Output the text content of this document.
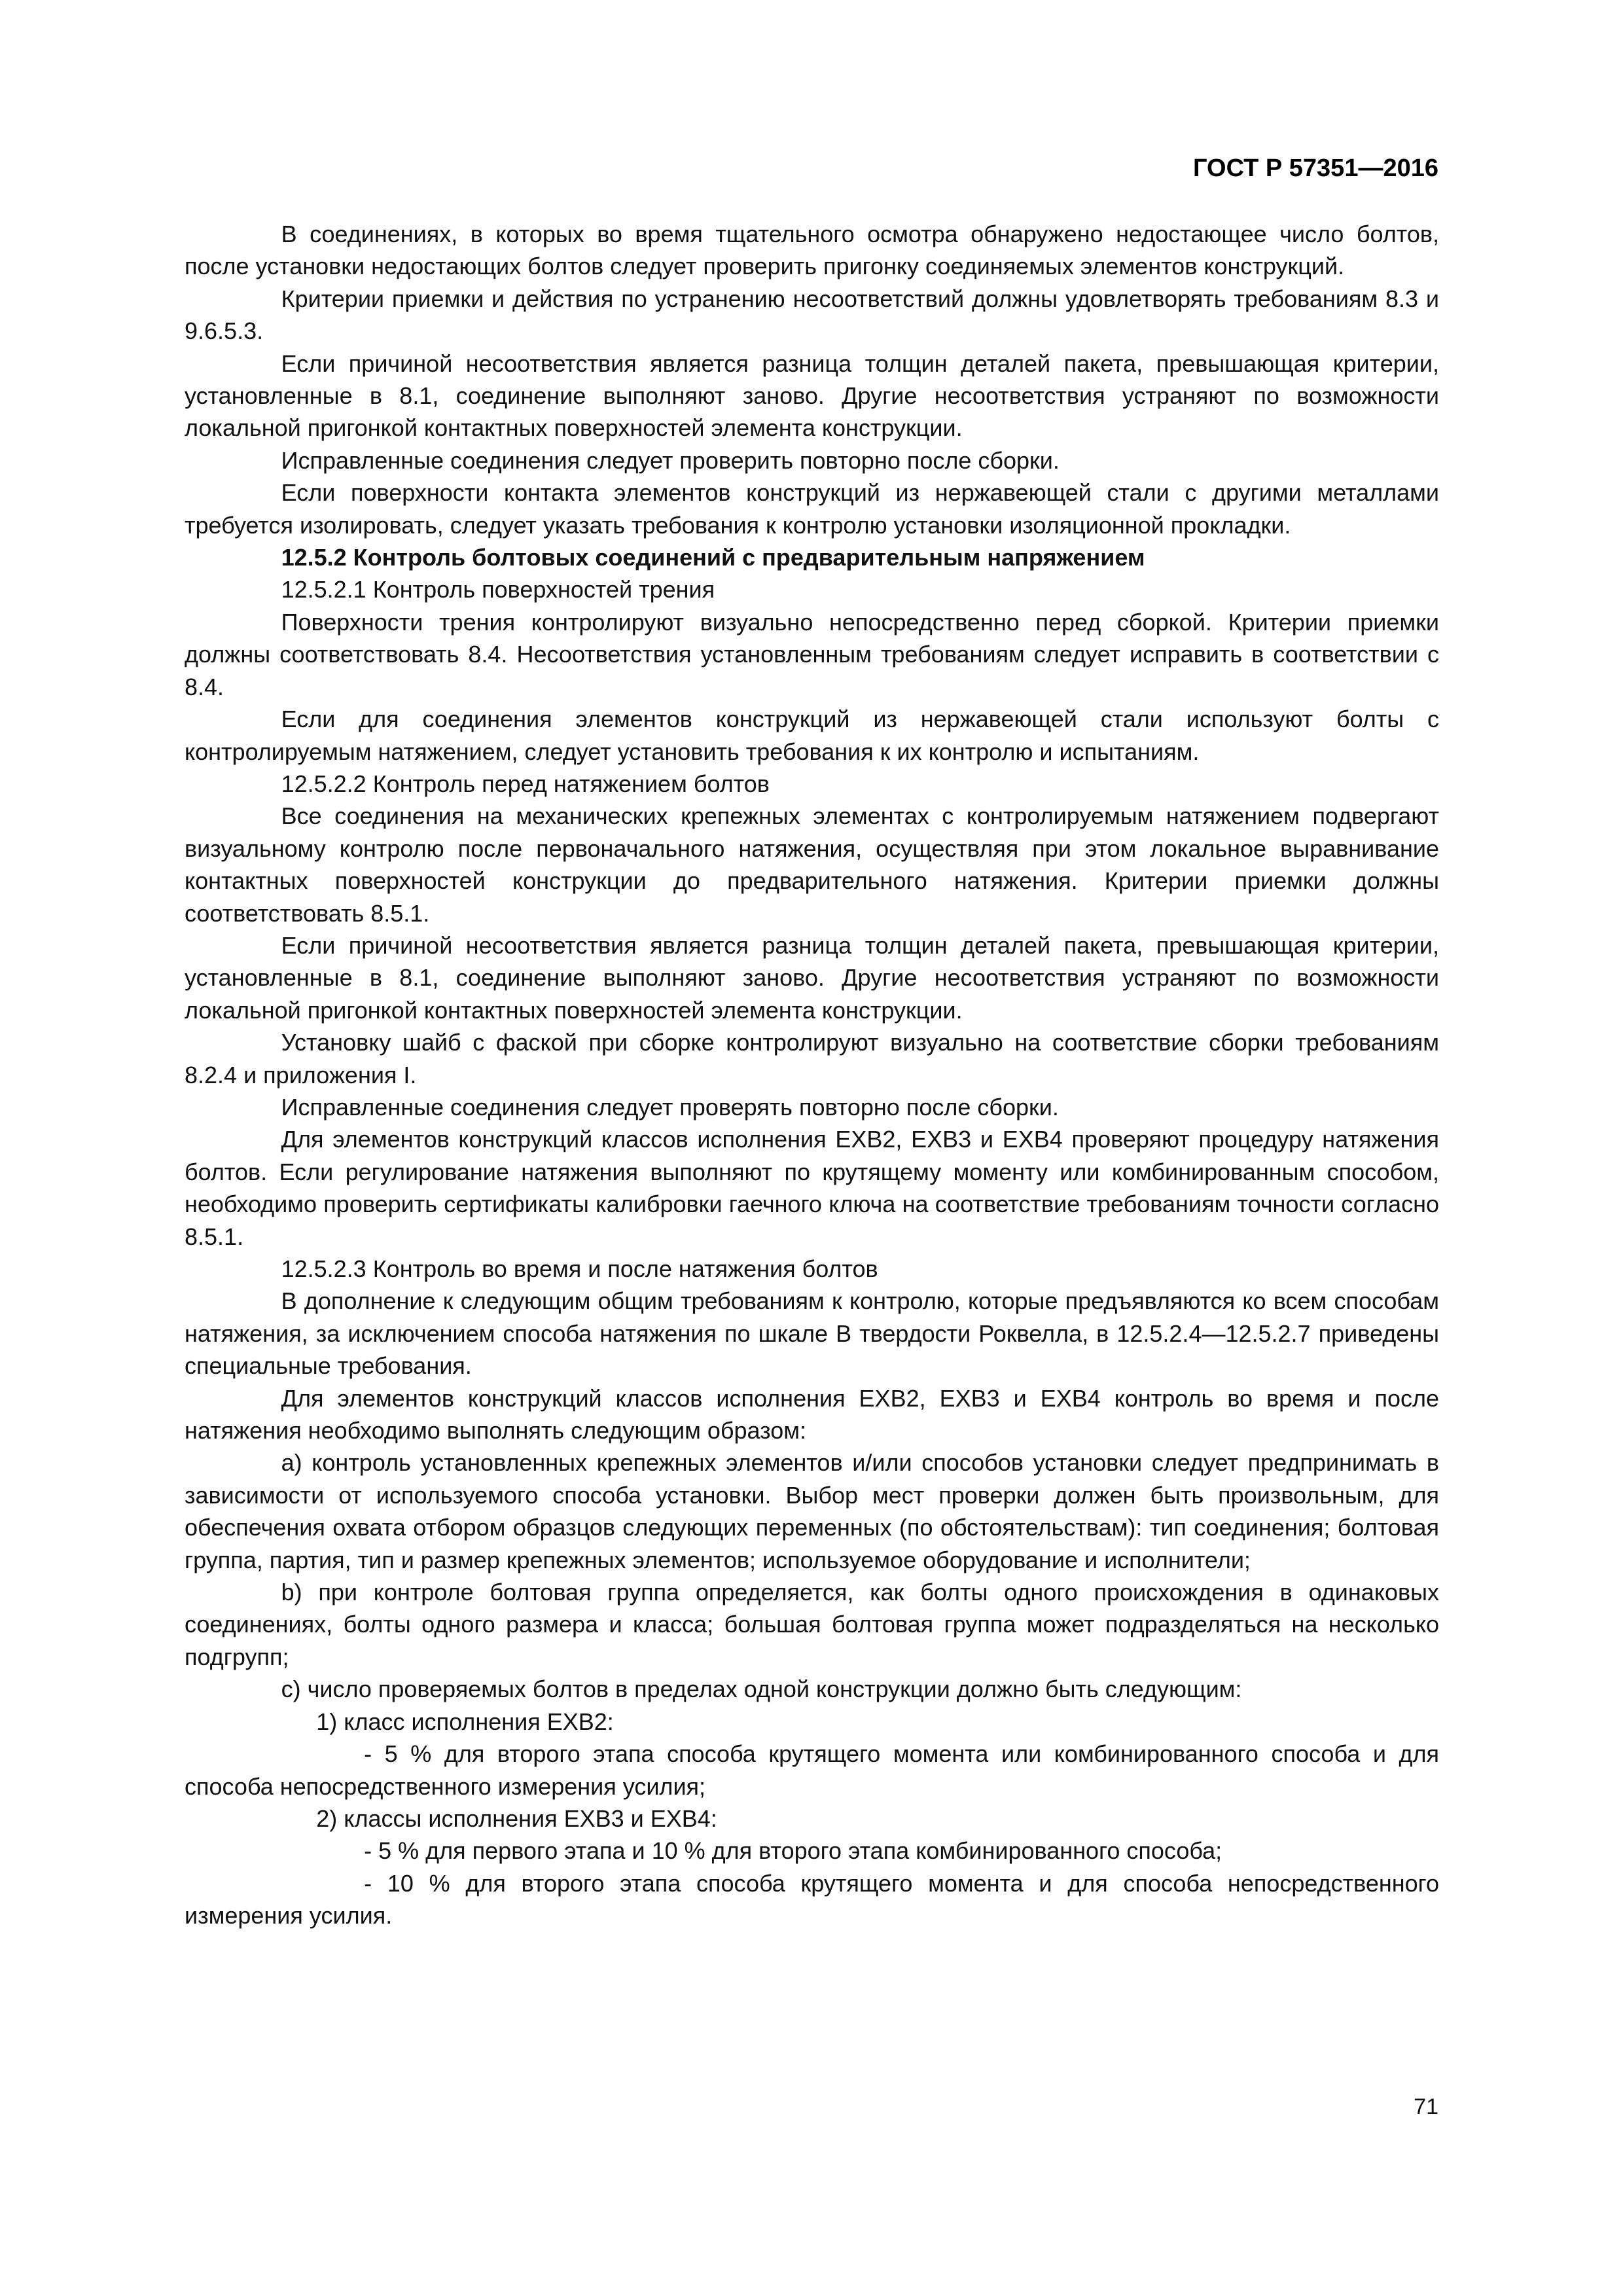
ГОСТ Р 57351—2016

В соединениях, в которых во время тщательного осмотра обнаружено недостающее число болтов, после установки недостающих болтов следует проверить пригонку соединяемых элементов конструкций.

Критерии приемки и действия по устранению несоответствий должны удовлетворять требованиям 8.3 и 9.6.5.3.

Если причиной несоответствия является разница толщин деталей пакета, превышающая критерии, установленные в 8.1, соединение выполняют заново. Другие несоответствия устраняют по возможности локальной пригонкой контактных поверхностей элемента конструкции.

Исправленные соединения следует проверить повторно после сборки.

Если поверхности контакта элементов конструкций из нержавеющей стали с другими металлами требуется изолировать, следует указать требования к контролю установки изоляционной прокладки.

12.5.2 Контроль болтовых соединений с предварительным напряжением

12.5.2.1 Контроль поверхностей трения

Поверхности трения контролируют визуально непосредственно перед сборкой. Критерии приемки должны соответствовать 8.4. Несоответствия установленным требованиям следует исправить в соответствии с 8.4.

Если для соединения элементов конструкций из нержавеющей стали используют болты с контролируемым натяжением, следует установить требования к их контролю и испытаниям.

12.5.2.2 Контроль перед натяжением болтов

Все соединения на механических крепежных элементах с контролируемым натяжением подвергают визуальному контролю после первоначального натяжения, осуществляя при этом локальное выравнивание контактных поверхностей конструкции до предварительного натяжения. Критерии приемки должны соответствовать 8.5.1.

Если причиной несоответствия является разница толщин деталей пакета, превышающая критерии, установленные в 8.1, соединение выполняют заново. Другие несоответствия устраняют по возможности локальной пригонкой контактных поверхностей элемента конструкции.

Установку шайб с фаской при сборке контролируют визуально на соответствие сборки требованиям 8.2.4 и приложения I.

Исправленные соединения следует проверять повторно после сборки.

Для элементов конструкций классов исполнения EXB2, EXB3 и EXB4 проверяют процедуру натяжения болтов. Если регулирование натяжения выполняют по крутящему моменту или комбинированным способом, необходимо проверить сертификаты калибровки гаечного ключа на соответствие требованиям точности согласно 8.5.1.

12.5.2.3 Контроль во время и после натяжения болтов

В дополнение к следующим общим требованиям к контролю, которые предъявляются ко всем способам натяжения, за исключением способа натяжения по шкале В твердости Роквелла, в 12.5.2.4—12.5.2.7 приведены специальные требования.

Для элементов конструкций классов исполнения EXB2, EXB3 и EXB4 контроль во время и после натяжения необходимо выполнять следующим образом:

a) контроль установленных крепежных элементов и/или способов установки следует предпринимать в зависимости от используемого способа установки. Выбор мест проверки должен быть произвольным, для обеспечения охвата отбором образцов следующих переменных (по обстоятельствам): тип соединения; болтовая группа, партия, тип и размер крепежных элементов; используемое оборудование и исполнители;

b) при контроле болтовая группа определяется, как болты одного происхождения в одинаковых соединениях, болты одного размера и класса; большая болтовая группа может подразделяться на несколько подгрупп;

c) число проверяемых болтов в пределах одной конструкции должно быть следующим:

1) класс исполнения EXB2:

- 5 % для второго этапа способа крутящего момента или комбинированного способа и для способа непосредственного измерения усилия;

2) классы исполнения EXB3 и EXB4:

- 5 % для первого этапа и 10 % для второго этапа комбинированного способа;

- 10 % для второго этапа способа крутящего момента и для способа непосредственного измерения усилия.

71
